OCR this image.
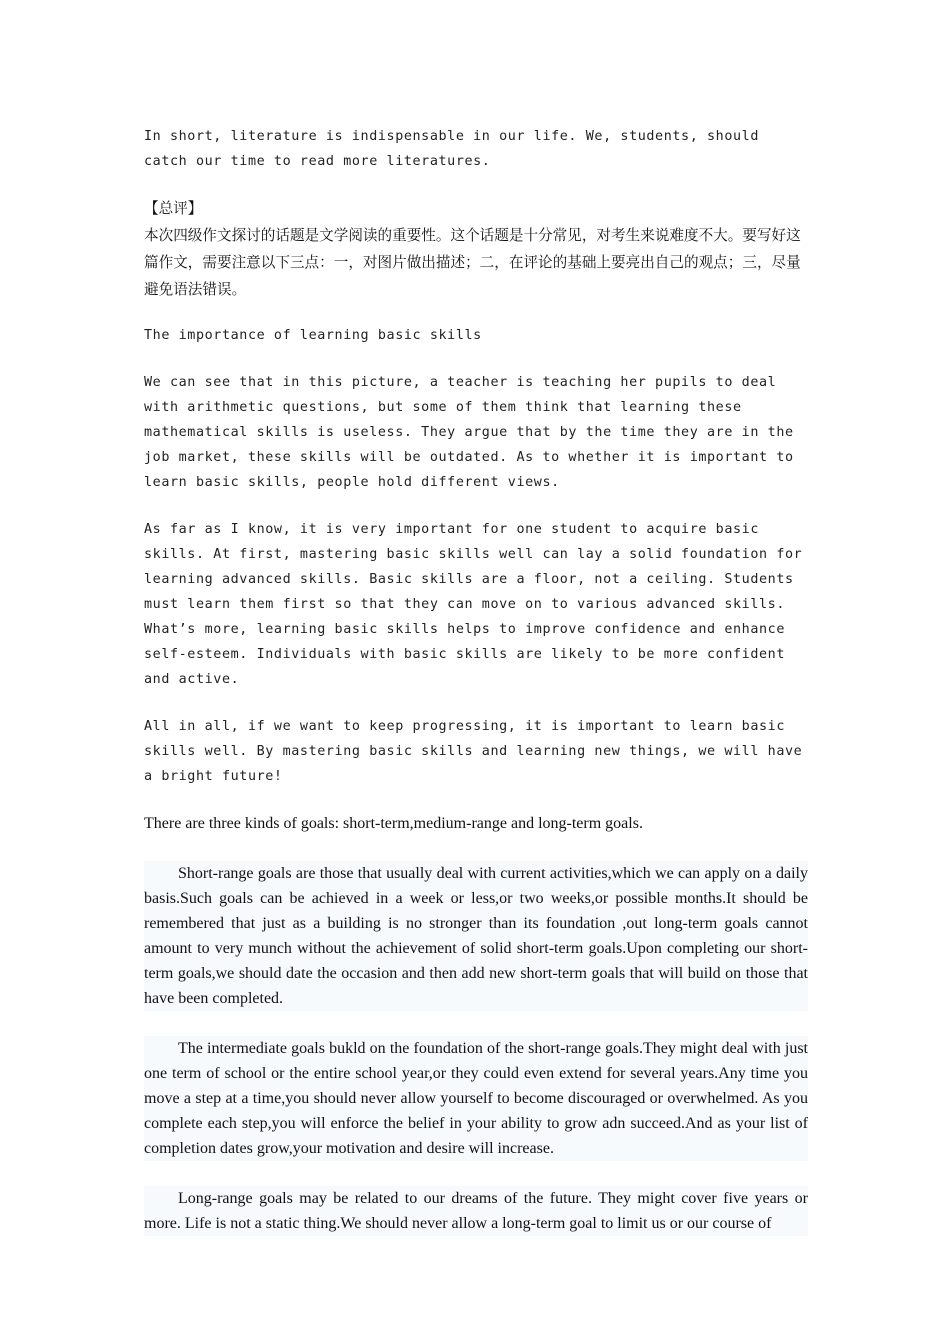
In short, literature is indispensable in our life. We, students, should catch our time to read more literatures.

【总评】
本次四级作文探讨的话题是文学阅读的重要性。这个话题是十分常见，对考生来说难度不大。要写好这篇作文，需要注意以下三点：一，对图片做出描述；二，在评论的基础上要亮出自己的观点；三，尽量避免语法错误。

The importance of learning basic skills

We can see that in this picture, a teacher is teaching her pupils to deal with arithmetic questions, but some of them think that learning these mathematical skills is useless. They argue that by the time they are in the job market, these skills will be outdated. As to whether it is important to learn basic skills, people hold different views.

As far as I know, it is very important for one student to acquire basic skills. At first, mastering basic skills well can lay a solid foundation for learning advanced skills. Basic skills are a floor, not a ceiling. Students must learn them first so that they can move on to various advanced skills. What’s more, learning basic skills helps to improve confidence and enhance self-esteem. Individuals with basic skills are likely to be more confident and active.

All in all, if we want to keep progressing, it is important to learn basic skills well. By mastering basic skills and learning new things, we will have a bright future!

There are three kinds of goals: short-term,medium-range and long-term goals.

Short-range goals are those that usually deal with current activities,which we can apply on a daily basis.Such goals can be achieved in a week or less,or two weeks,or possible months.It should be remembered that just as a building is no stronger than its foundation ,out long-term goals cannot amount to very munch without the achievement of solid short-term goals.Upon completing our short-term goals,we should date the occasion and then add new short-term goals that will build on those that have been completed.

The intermediate goals bukld on the foundation of the short-range goals.They might deal with just one term of school or the entire school year,or they could even extend for several years.Any time you move a step at a time,you should never allow yourself to become discouraged or overwhelmed. As you complete each step,you will enforce the belief in your ability to grow adn succeed.And as your list of completion dates grow,your motivation and desire will increase.

Long-range goals may be related to our dreams of the future. They might cover five years or more. Life is not a static thing.We should never allow a long-term goal to limit us or our course of
